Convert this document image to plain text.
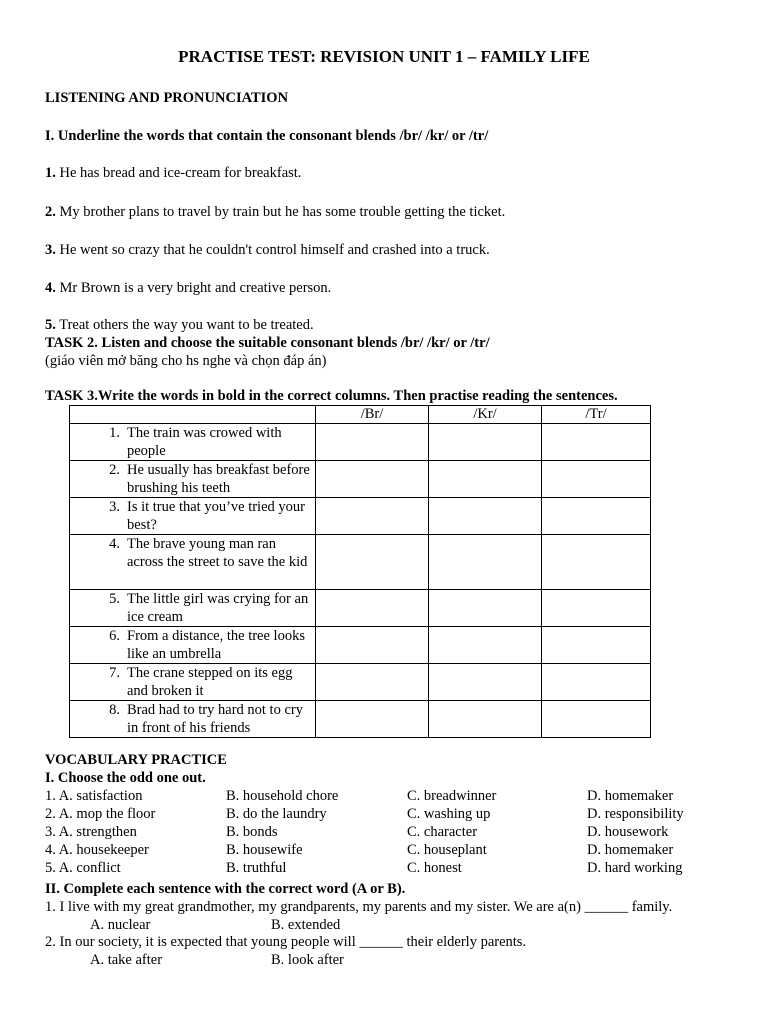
PRACTISE TEST: REVISION UNIT 1 – FAMILY LIFE
LISTENING AND PRONUNCIATION
I. Underline the words that contain the consonant blends /br/ /kr/ or /tr/
1. He has bread and ice-cream for breakfast.
2. My brother plans to travel by train but he has some trouble getting the ticket.
3. He went so crazy that he couldn't control himself and crashed into a truck.
4. Mr Brown is a very bright and creative person.
5. Treat others the way you want to be treated.
TASK 2. Listen and choose the suitable consonant blends /br/ /kr/ or /tr/
(giáo viên mở băng cho hs nghe và chọn đáp án)
TASK 3.Write the words in bold in the correct columns. Then practise reading the sentences.
	/Br/	/Kr/	/Tr/

1. The train was crowed with people			

2. He usually has breakfast before brushing his teeth			

3. Is it true that you’ve tried your best?			

4. The brave young man ran across the street to save the kid			

5. The little girl was crying for an ice cream			

6. From a distance, the tree looks like an umbrella			

7. The crane stepped on its egg and broken it			

8. Brad had to try hard not to cry in front of his friends			

VOCABULARY PRACTICE
I. Choose the odd one out.
1. A. satisfaction	B. household chore	C. breadwinner	D. homemaker
2. A. mop the floor	B. do the laundry	C. washing up	D. responsibility
3. A. strengthen	B. bonds	C. character	D. housework
4. A. housekeeper	B. housewife	C. houseplant	D. homemaker
5. A. conflict	B. truthful	C. honest	D. hard working
II. Complete each sentence with the correct word (A or B).
1. I live with my great grandmother, my grandparents, my parents and my sister. We are a(n) ______ family.
A. nuclear	B. extended
2. In our society, it is expected that young people will ______ their elderly parents.
A. take after	B. look after
